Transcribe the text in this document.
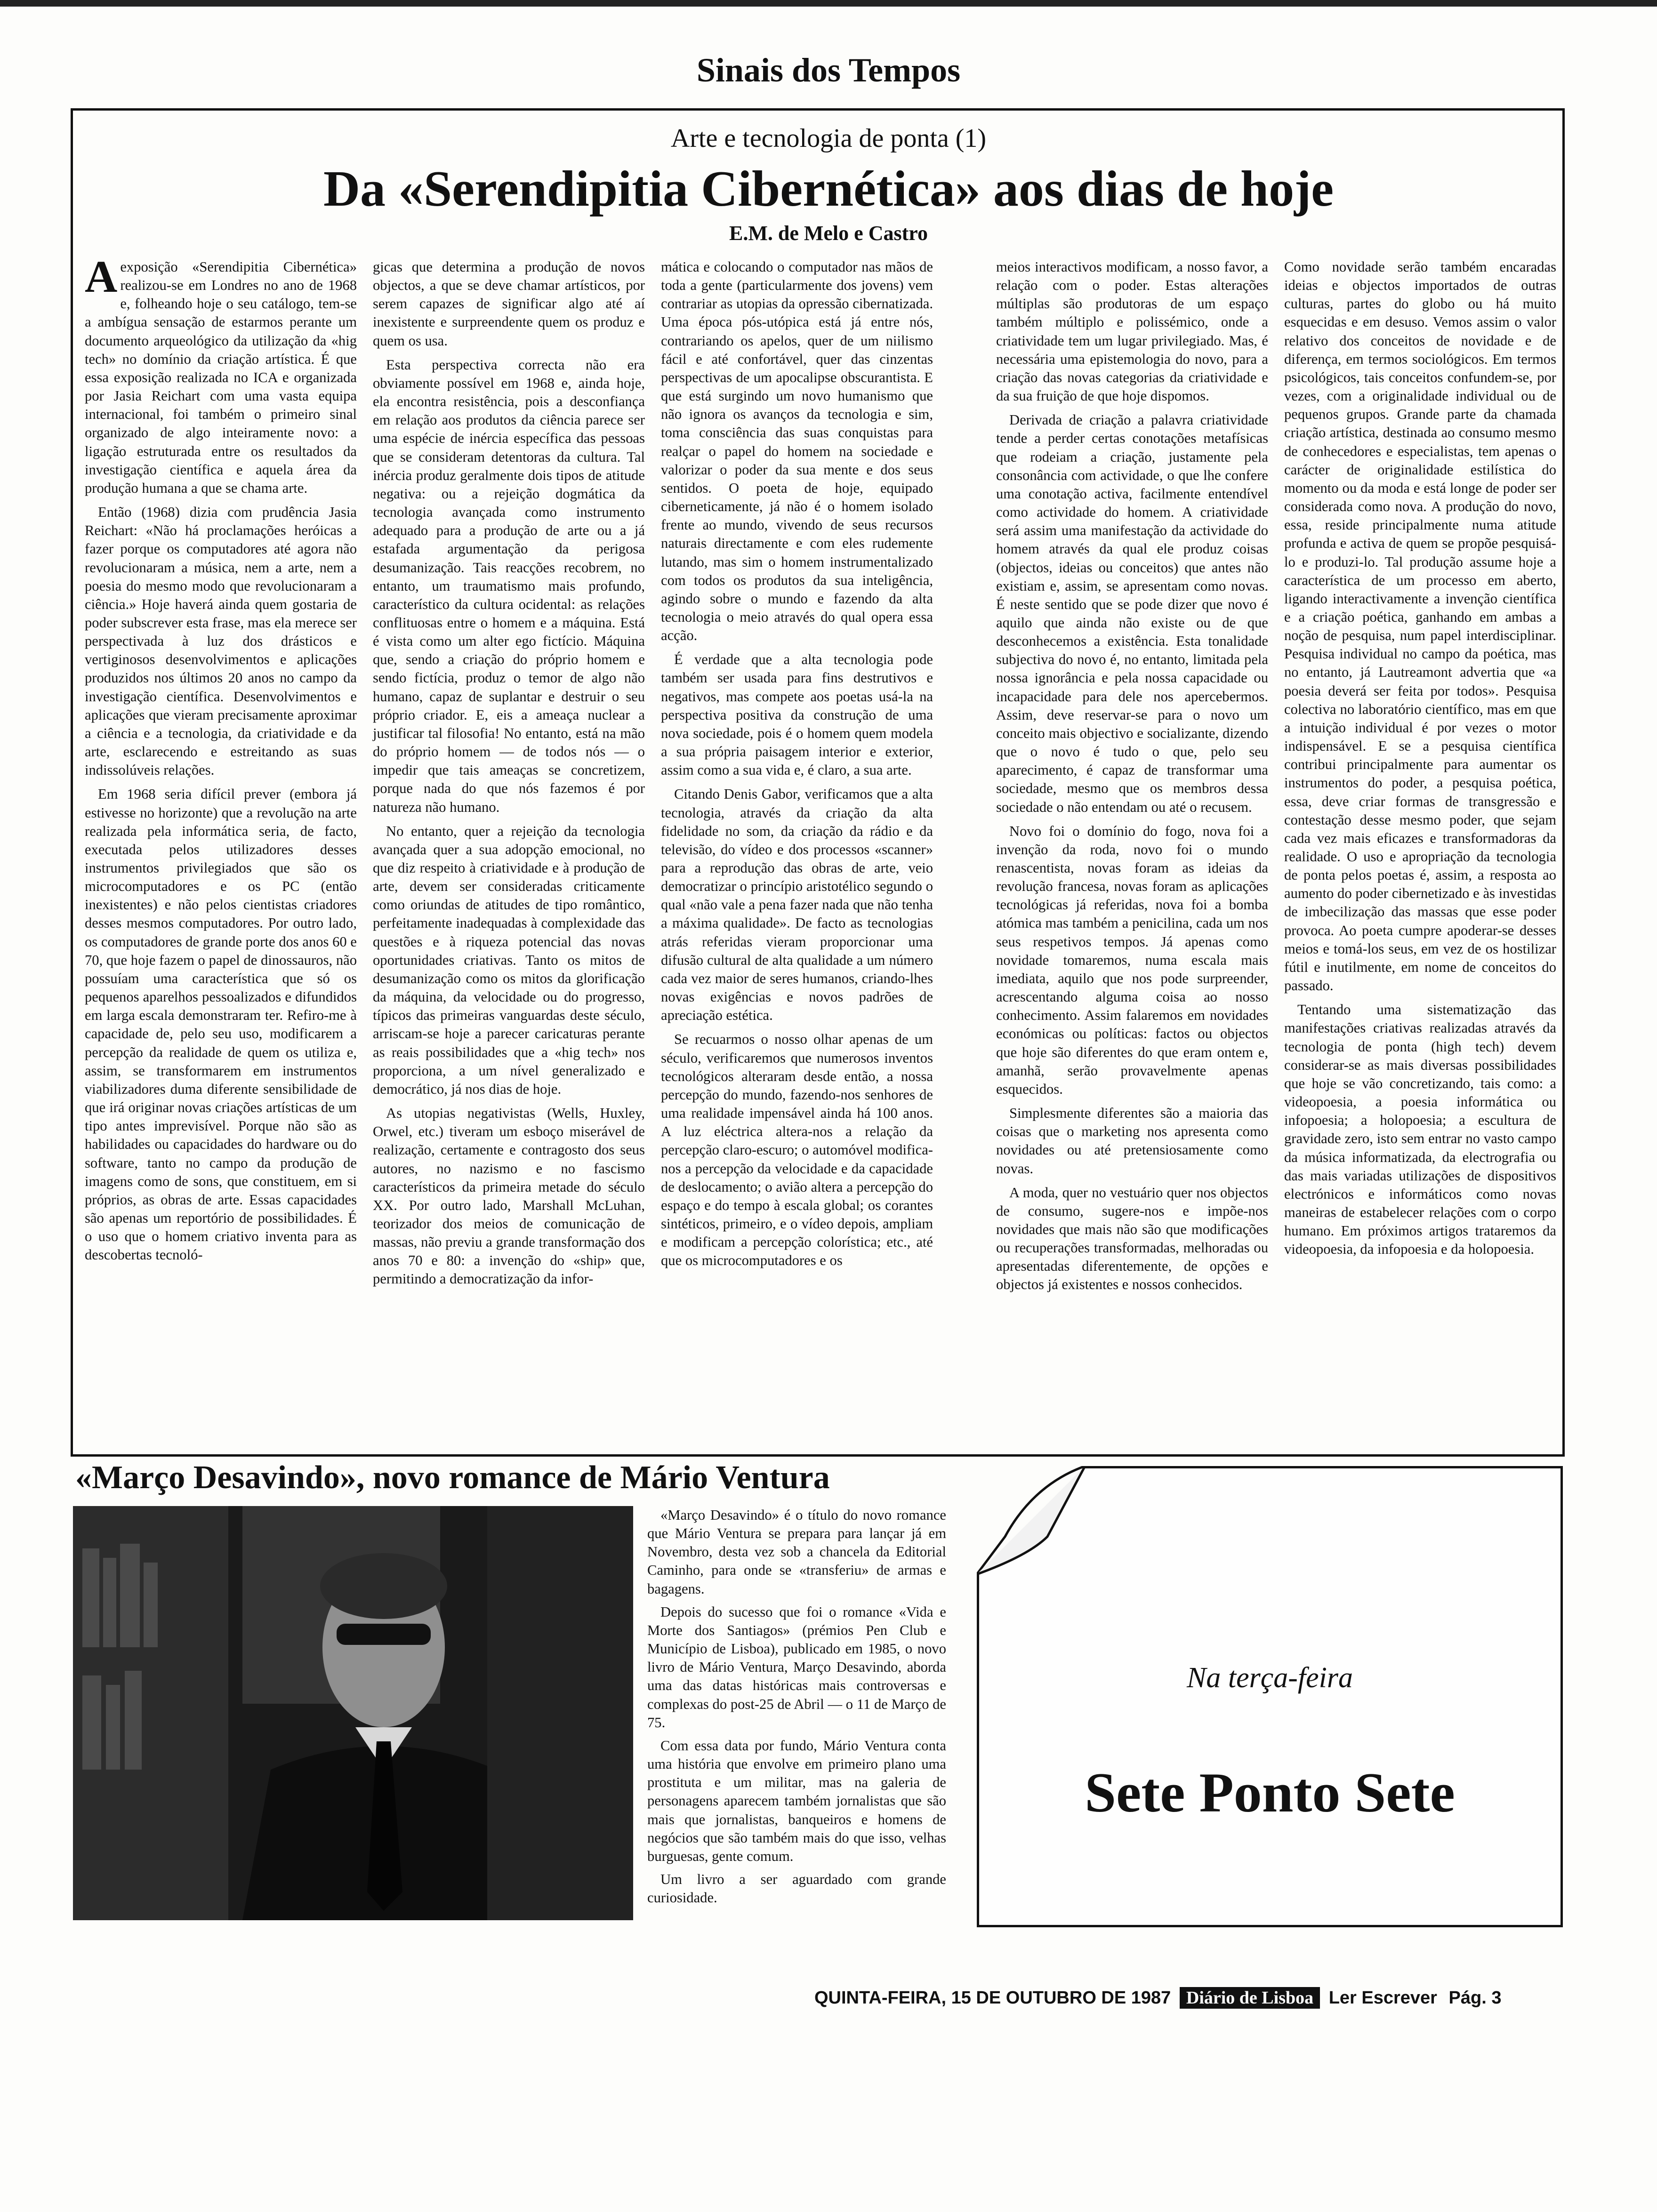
Sinais dos Tempos
Arte e tecnologia de ponta (1)
Da «Serendipitia Cibernética» aos dias de hoje
E.M. de Melo e Castro

Aexposição «Serendipitia Cibernética» realizou-se em Londres no ano de 1968 e, folheando hoje o seu catálogo, tem-se a ambígua sensação de estarmos perante um documento arqueológico da utilização da «hig tech» no domínio da criação artística. É que essa exposição realizada no ICA e organizada por Jasia Reichart com uma vasta equipa internacional, foi também o primeiro sinal organizado de algo inteiramente novo: a ligação estruturada entre os resultados da investigação científica e aquela área da produção humana a que se chama arte.

Então (1968) dizia com prudência Jasia Reichart: «Não há proclamações heróicas a fazer porque os computadores até agora não revolucionaram a música, nem a arte, nem a poesia do mesmo modo que revolucionaram a ciência.» Hoje haverá ainda quem gostaria de poder subscrever esta frase, mas ela merece ser perspectivada à luz dos drásticos e vertiginosos desenvolvimentos e aplicações produzidos nos últimos 20 anos no campo da investigação científica. Desenvolvimentos e aplicações que vieram precisamente aproximar a ciência e a tecnologia, da criatividade e da arte, esclarecendo e estreitando as suas indissolúveis relações.

Em 1968 seria difícil prever (embora já estivesse no horizonte) que a revolução na arte realizada pela informática seria, de facto, executada pelos utilizadores desses instrumentos privilegiados que são os microcomputadores e os PC (então inexistentes) e não pelos cientistas criadores desses mesmos computadores. Por outro lado, os computadores de grande porte dos anos 60 e 70, que hoje fazem o papel de dinossauros, não possuíam uma característica que só os pequenos aparelhos pessoalizados e difundidos em larga escala demonstraram ter. Refiro-me à capacidade de, pelo seu uso, modificarem a percepção da realidade de quem os utiliza e, assim, se transformarem em instrumentos viabilizadores duma diferente sensibilidade de que irá originar novas criações artísticas de um tipo antes imprevisível. Porque não são as habilidades ou capacidades do hardware ou do software, tanto no campo da produção de imagens como de sons, que constituem, em si próprios, as obras de arte. Essas capacidades são apenas um reportório de possibilidades. É o uso que o homem criativo inventa para as descobertas tecnoló-

gicas que determina a produção de novos objectos, a que se deve chamar artísticos, por serem capazes de significar algo até aí inexistente e surpreendente quem os produz e quem os usa.

Esta perspectiva correcta não era obviamente possível em 1968 e, ainda hoje, ela encontra resistência, pois a desconfiança em relação aos produtos da ciência parece ser uma espécie de inércia específica das pessoas que se consideram detentoras da cultura. Tal inércia produz geralmente dois tipos de atitude negativa: ou a rejeição dogmática da tecnologia avançada como instrumento adequado para a produção de arte ou a já estafada argumentação da perigosa desumanização. Tais reacções recobrem, no entanto, um traumatismo mais profundo, característico da cultura ocidental: as relações conflituosas entre o homem e a máquina. Está é vista como um alter ego fictício. Máquina que, sendo a criação do próprio homem e sendo fictícia, produz o temor de algo não humano, capaz de suplantar e destruir o seu próprio criador. E, eis a ameaça nuclear a justificar tal filosofia! No entanto, está na mão do próprio homem — de todos nós — o impedir que tais ameaças se concretizem, porque nada do que nós fazemos é por natureza não humano.

No entanto, quer a rejeição da tecnologia avançada quer a sua adopção emocional, no que diz respeito à criatividade e à produção de arte, devem ser consideradas criticamente como oriundas de atitudes de tipo romântico, perfeitamente inadequadas à complexidade das questões e à riqueza potencial das novas oportunidades criativas. Tanto os mitos de desumanização como os mitos da glorificação da máquina, da velocidade ou do progresso, típicos das primeiras vanguardas deste século, arriscam-se hoje a parecer caricaturas perante as reais possibilidades que a «hig tech» nos proporciona, a um nível generalizado e democrático, já nos dias de hoje.

As utopias negativistas (Wells, Huxley, Orwel, etc.) tiveram um esboço miserável de realização, certamente e contragosto dos seus autores, no nazismo e no fascismo característicos da primeira metade do século XX. Por outro lado, Marshall McLuhan, teorizador dos meios de comunicação de massas, não previu a grande transformação dos anos 70 e 80: a invenção do «ship» que, permitindo a democratização da infor-

mática e colocando o computador nas mãos de toda a gente (particularmente dos jovens) vem contrariar as utopias da opressão cibernatizada. Uma época pós-utópica está já entre nós, contrariando os apelos, quer de um niilismo fácil e até confortável, quer das cinzentas perspectivas de um apocalipse obscurantista. E que está surgindo um novo humanismo que não ignora os avanços da tecnologia e sim, toma consciência das suas conquistas para realçar o papel do homem na sociedade e valorizar o poder da sua mente e dos seus sentidos. O poeta de hoje, equipado ciberneticamente, já não é o homem isolado frente ao mundo, vivendo de seus recursos naturais directamente e com eles rudemente lutando, mas sim o homem instrumentalizado com todos os produtos da sua inteligência, agindo sobre o mundo e fazendo da alta tecnologia o meio através do qual opera essa acção.

É verdade que a alta tecnologia pode também ser usada para fins destrutivos e negativos, mas compete aos poetas usá-la na perspectiva positiva da construção de uma nova sociedade, pois é o homem quem modela a sua própria paisagem interior e exterior, assim como a sua vida e, é claro, a sua arte.

Citando Denis Gabor, verificamos que a alta tecnologia, através da criação da alta fidelidade no som, da criação da rádio e da televisão, do vídeo e dos processos «scanner» para a reprodução das obras de arte, veio democratizar o princípio aristotélico segundo o qual «não vale a pena fazer nada que não tenha a máxima qualidade». De facto as tecnologias atrás referidas vieram proporcionar uma difusão cultural de alta qualidade a um número cada vez maior de seres humanos, criando-lhes novas exigências e novos padrões de apreciação estética.

Se recuarmos o nosso olhar apenas de um século, verificaremos que numerosos inventos tecnológicos alteraram desde então, a nossa percepção do mundo, fazendo-nos senhores de uma realidade impensável ainda há 100 anos. A luz eléctrica altera-nos a relação da percepção claro-escuro; o automóvel modifica-nos a percepção da velocidade e da capacidade de deslocamento; o avião altera a percepção do espaço e do tempo à escala global; os corantes sintéticos, primeiro, e o vídeo depois, ampliam e modificam a percepção colorística; etc., até que os microcomputadores e os

meios interactivos modificam, a nosso favor, a relação com o poder. Estas alterações múltiplas são produtoras de um espaço também múltiplo e polissémico, onde a criatividade tem um lugar privilegiado. Mas, é necessária uma epistemologia do novo, para a criação das novas categorias da criatividade e da sua fruição de que hoje dispomos.

Derivada de criação a palavra criatividade tende a perder certas conotações metafísicas que rodeiam a criação, justamente pela consonância com actividade, o que lhe confere uma conotação activa, facilmente entendível como actividade do homem. A criatividade será assim uma manifestação da actividade do homem através da qual ele produz coisas (objectos, ideias ou conceitos) que antes não existiam e, assim, se apresentam como novas. É neste sentido que se pode dizer que novo é aquilo que ainda não existe ou de que desconhecemos a existência. Esta tonalidade subjectiva do novo é, no entanto, limitada pela nossa ignorância e pela nossa capacidade ou incapacidade para dele nos apercebermos. Assim, deve reservar-se para o novo um conceito mais objectivo e socializante, dizendo que o novo é tudo o que, pelo seu aparecimento, é capaz de transformar uma sociedade, mesmo que os membros dessa sociedade o não entendam ou até o recusem.

Novo foi o domínio do fogo, nova foi a invenção da roda, novo foi o mundo renascentista, novas foram as ideias da revolução francesa, novas foram as aplicações tecnológicas já referidas, nova foi a bomba atómica mas também a penicilina, cada um nos seus respetivos tempos. Já apenas como novidade tomaremos, numa escala mais imediata, aquilo que nos pode surpreender, acrescentando alguma coisa ao nosso conhecimento. Assim falaremos em novidades económicas ou políticas: factos ou objectos que hoje são diferentes do que eram ontem e, amanhã, serão provavelmente apenas esquecidos.

Simplesmente diferentes são a maioria das coisas que o marketing nos apresenta como novidades ou até pretensiosamente como novas.

A moda, quer no vestuário quer nos objectos de consumo, sugere-nos e impõe-nos novidades que mais não são que modificações ou recuperações transformadas, melhoradas ou apresentadas diferentemente, de opções e objectos já existentes e nossos conhecidos.

Como novidade serão também encaradas ideias e objectos importados de outras culturas, partes do globo ou há muito esquecidas e em desuso. Vemos assim o valor relativo dos conceitos de novidade e de diferença, em termos sociológicos. Em termos psicológicos, tais conceitos confundem-se, por vezes, com a originalidade individual ou de pequenos grupos. Grande parte da chamada criação artística, destinada ao consumo mesmo de conhecedores e especialistas, tem apenas o carácter de originalidade estilística do momento ou da moda e está longe de poder ser considerada como nova. A produção do novo, essa, reside principalmente numa atitude profunda e activa de quem se propõe pesquisá-lo e produzi-lo. Tal produção assume hoje a característica de um processo em aberto, ligando interactivamente a invenção científica e a criação poética, ganhando em ambas a noção de pesquisa, num papel interdisciplinar. Pesquisa individual no campo da poética, mas no entanto, já Lautreamont advertia que «a poesia deverá ser feita por todos». Pesquisa colectiva no laboratório científico, mas em que a intuição individual é por vezes o motor indispensável. E se a pesquisa científica contribui principalmente para aumentar os instrumentos do poder, a pesquisa poética, essa, deve criar formas de transgressão e contestação desse mesmo poder, que sejam cada vez mais eficazes e transformadoras da realidade. O uso e apropriação da tecnologia de ponta pelos poetas é, assim, a resposta ao aumento do poder cibernetizado e às investidas de imbecilização das massas que esse poder provoca. Ao poeta cumpre apoderar-se desses meios e tomá-los seus, em vez de os hostilizar fútil e inutilmente, em nome de conceitos do passado.

Tentando uma sistematização das manifestações criativas realizadas através da tecnologia de ponta (high tech) devem considerar-se as mais diversas possibilidades que hoje se vão concretizando, tais como: a videopoesia, a poesia informática ou infopoesia; a holopoesia; a escultura de gravidade zero, isto sem entrar no vasto campo da música informatizada, da electrografia ou das mais variadas utilizações de dispositivos electrónicos e informáticos como novas maneiras de estabelecer relações com o corpo humano. Em próximos artigos trataremos da videopoesia, da infopoesia e da holopoesia.

«Março Desavindo», novo romance de Mário Ventura

«Março Desavindo» é o título do novo romance que Mário Ventura se prepara para lançar já em Novembro, desta vez sob a chancela da Editorial Caminho, para onde se «transferiu» de armas e bagagens.

Depois do sucesso que foi o romance «Vida e Morte dos Santiagos» (prémios Pen Club e Município de Lisboa), publicado em 1985, o novo livro de Mário Ventura, Março Desavindo, aborda uma das datas históricas mais controversas e complexas do post-25 de Abril — o 11 de Março de 75.

Com essa data por fundo, Mário Ventura conta uma história que envolve em primeiro plano uma prostituta e um militar, mas na galeria de personagens aparecem também jornalistas que são mais que jornalistas, banqueiros e homens de negócios que são também mais do que isso, velhas burguesas, gente comum.

Um livro a ser aguardado com grande curiosidade.

Na terça-feira
Sete Ponto Sete
QUINTA-FEIRA, 15 DE OUTUBRO DE 1987 Diário de Lisboa Ler Escrever Pág. 3
